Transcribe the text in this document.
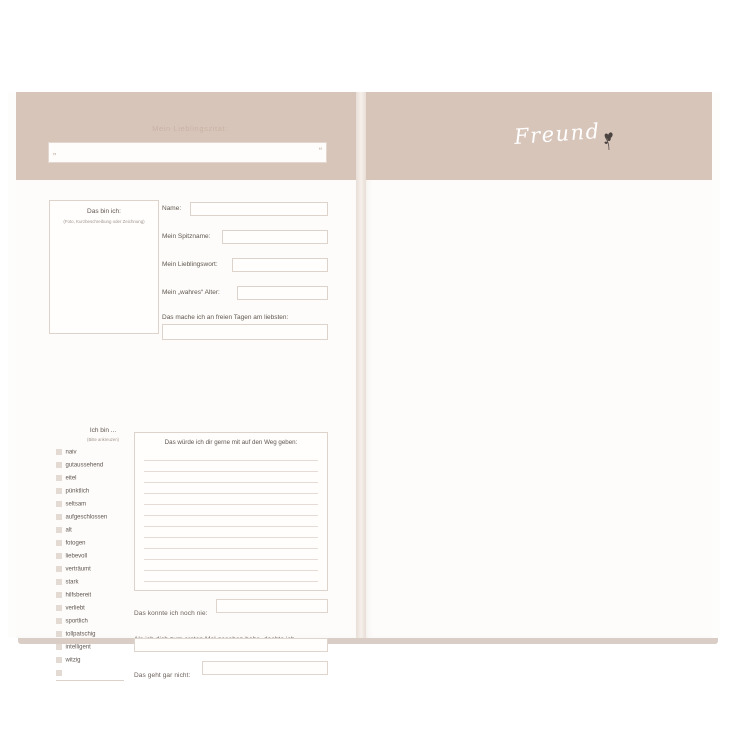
Mein Lieblingszitat:
„	“
Das bin ich:
(Foto, Kurzbeschreibung oder Zeichnung)
Name:
Mein Spitzname:
Mein Lieblingswort:
Mein „wahres“ Alter:
Das mache ich an freien Tagen am liebsten:
Ich bin ...
(Bitte ankreuzen)
naiv
gutaussehend
eitel
pünktlich
seltsam
aufgeschlossen
alt
fotogen
liebevoll
verträumt
stark
hilfsbereit
verliebt
sportlich
tollpatschig
intelligent
witzig
Das würde ich dir gerne mit auf den Weg geben:
Das konnte ich noch nie:
Das geht gar nicht:
Freund
